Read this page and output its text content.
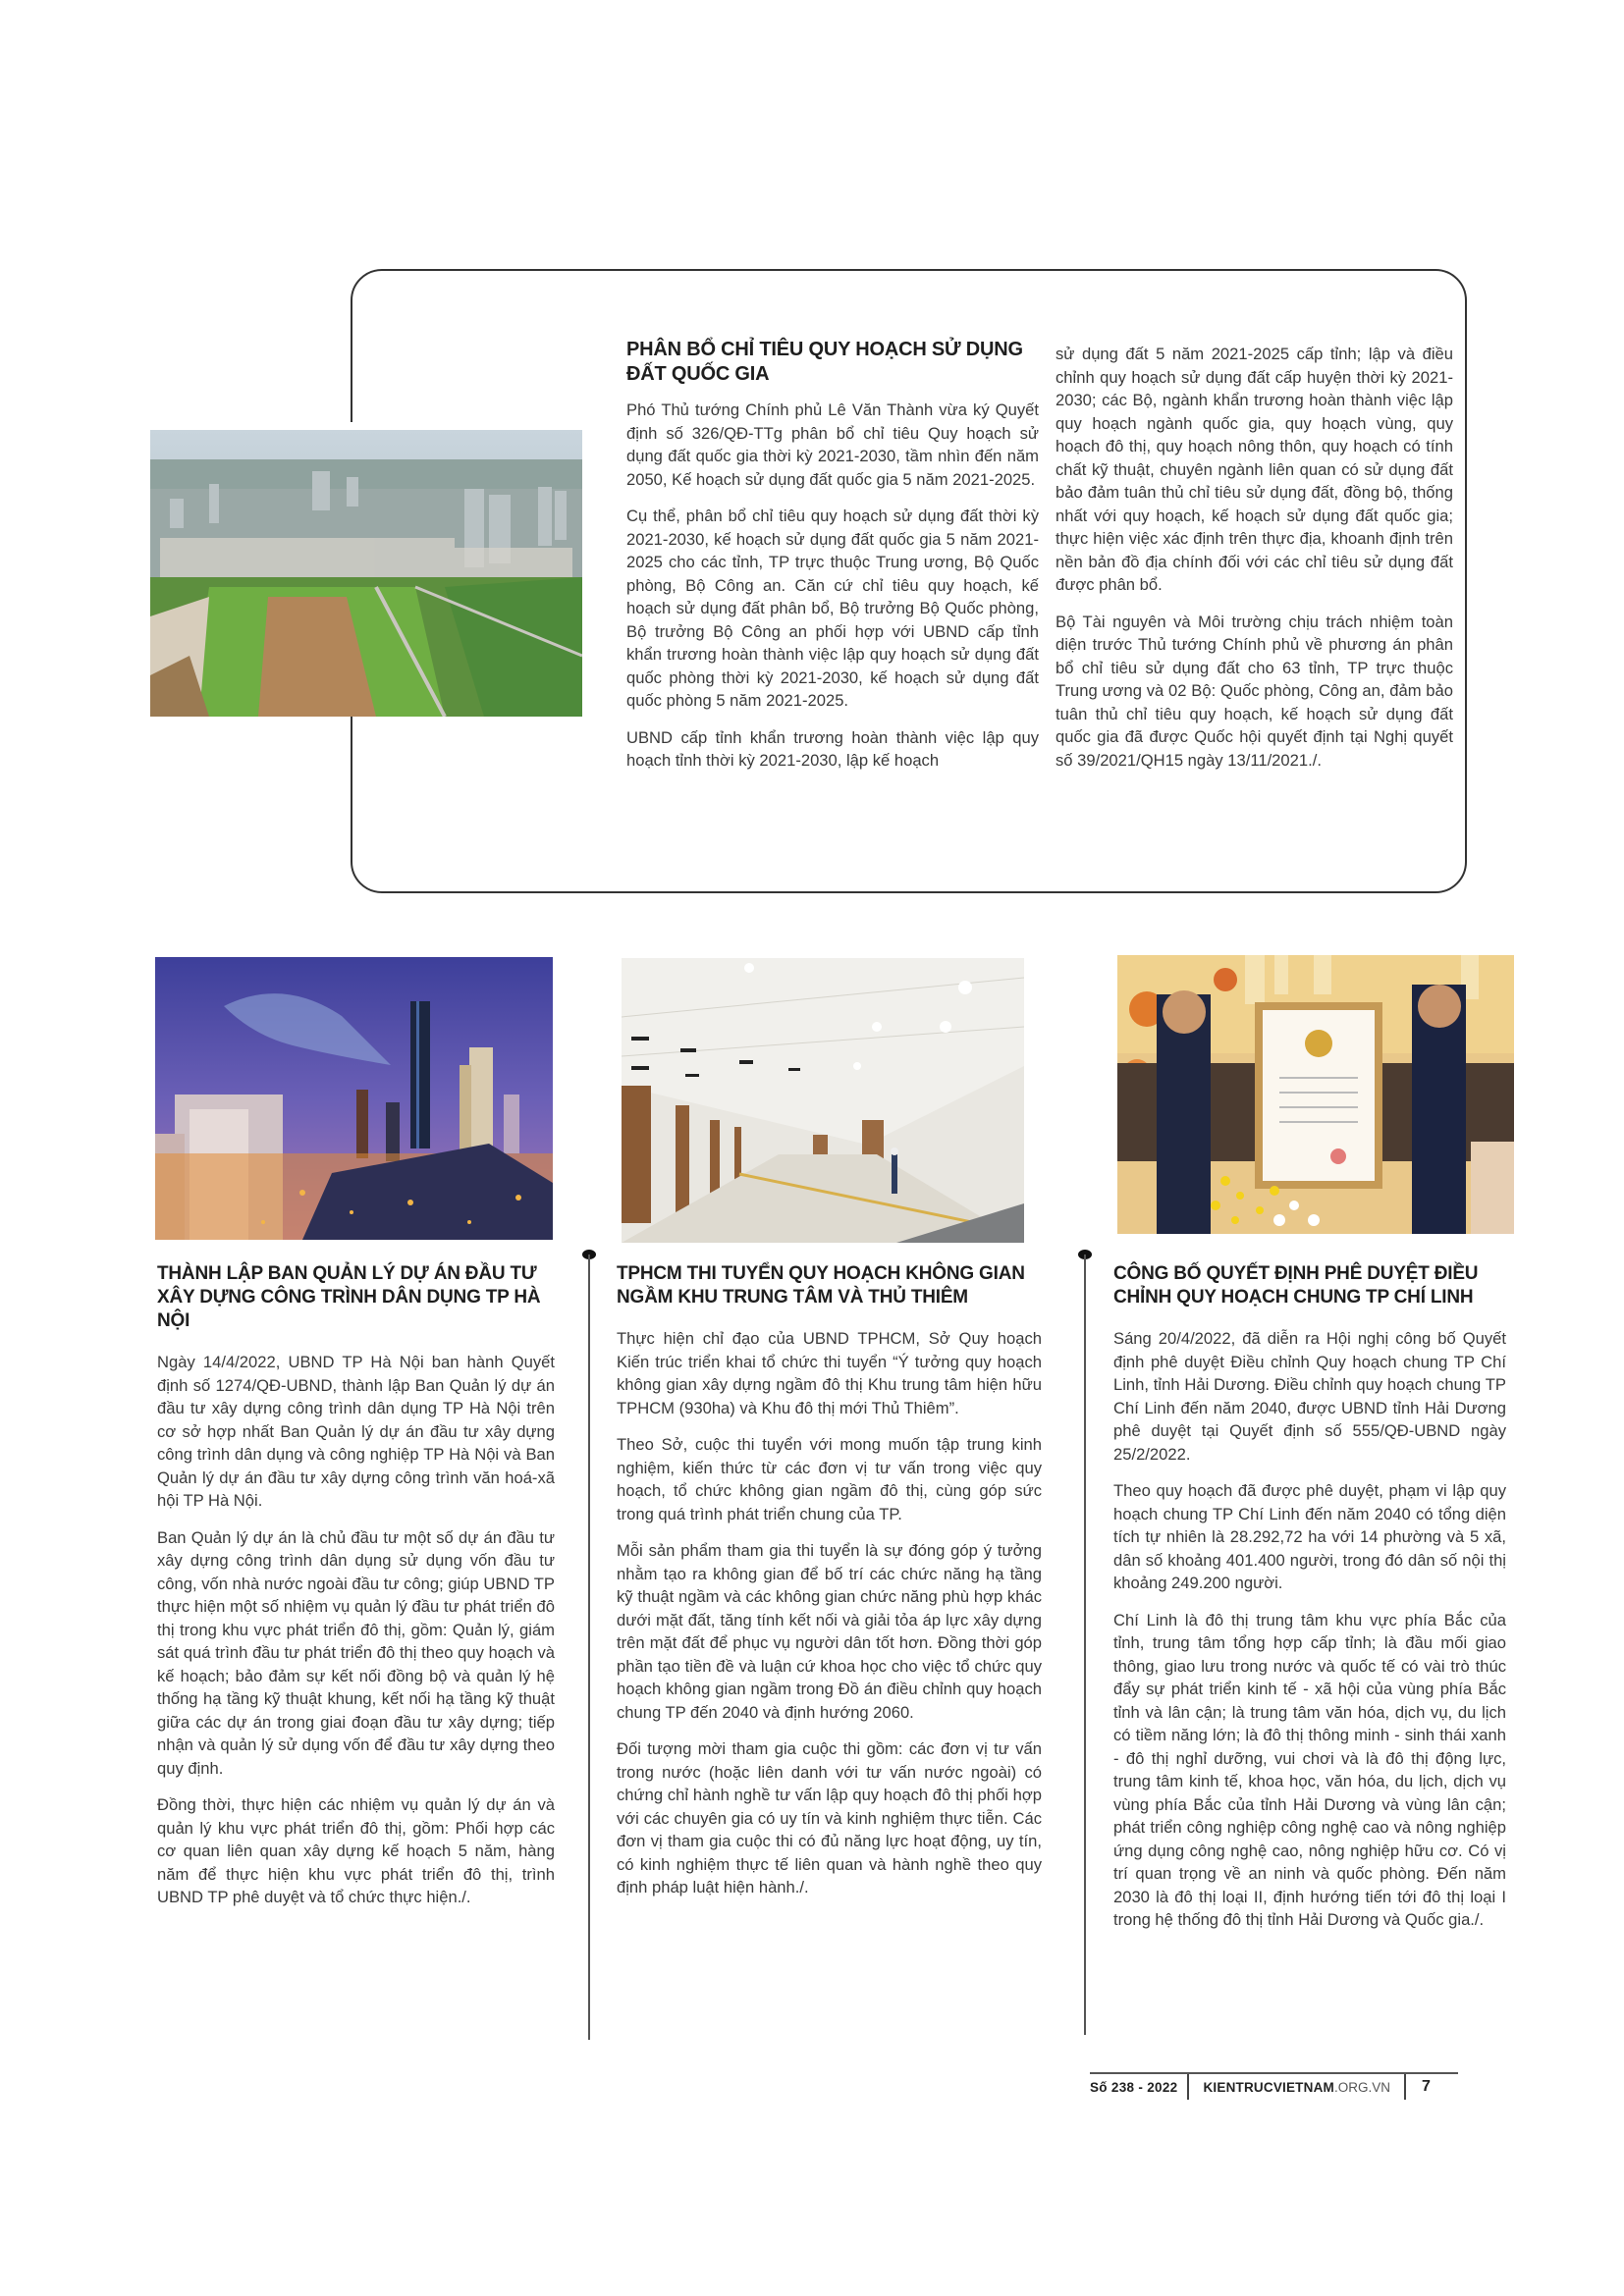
PHÂN BỔ CHỈ TIÊU QUY HOẠCH SỬ DỤNG ĐẤT QUỐC GIA

Phó Thủ tướng Chính phủ Lê Văn Thành vừa ký Quyết định số 326/QĐ-TTg phân bổ chỉ tiêu Quy hoạch sử dụng đất quốc gia thời kỳ 2021-2030, tầm nhìn đến năm 2050, Kế hoạch sử dụng đất quốc gia 5 năm 2021-2025.

Cụ thể, phân bổ chỉ tiêu quy hoạch sử dụng đất thời kỳ 2021-2030, kế hoạch sử dụng đất quốc gia 5 năm 2021-2025 cho các tỉnh, TP trực thuộc Trung ương, Bộ Quốc phòng, Bộ Công an. Căn cứ chỉ tiêu quy hoạch, kế hoạch sử dụng đất phân bổ, Bộ trưởng Bộ Quốc phòng, Bộ trưởng Bộ Công an phối hợp với UBND cấp tỉnh khẩn trương hoàn thành việc lập quy hoạch sử dụng đất quốc phòng thời kỳ 2021-2030, kế hoạch sử dụng đất quốc phòng 5 năm 2021-2025.

UBND cấp tỉnh khẩn trương hoàn thành việc lập quy hoạch tỉnh thời kỳ 2021-2030, lập kế hoạch

sử dụng đất 5 năm 2021-2025 cấp tỉnh; lập và điều chỉnh quy hoạch sử dụng đất cấp huyện thời kỳ 2021-2030; các Bộ, ngành khẩn trương hoàn thành việc lập quy hoạch ngành quốc gia, quy hoạch vùng, quy hoạch đô thị, quy hoạch nông thôn, quy hoạch có tính chất kỹ thuật, chuyên ngành liên quan có sử dụng đất bảo đảm tuân thủ chỉ tiêu sử dụng đất, đồng bộ, thống nhất với quy hoạch, kế hoạch sử dụng đất quốc gia; thực hiện việc xác định trên thực địa, khoanh định trên nền bản đồ địa chính đối với các chỉ tiêu sử dụng đất được phân bổ.

Bộ Tài nguyên và Môi trường chịu trách nhiệm toàn diện trước Thủ tướng Chính phủ về phương án phân bổ chỉ tiêu sử dụng đất cho 63 tỉnh, TP trực thuộc Trung ương và 02 Bộ: Quốc phòng, Công an, đảm bảo tuân thủ chỉ tiêu quy hoạch, kế hoạch sử dụng đất quốc gia đã được Quốc hội quyết định tại Nghị quyết số 39/2021/QH15 ngày 13/11/2021./.

THÀNH LẬP BAN QUẢN LÝ DỰ ÁN ĐẦU TƯ XÂY DỰNG CÔNG TRÌNH DÂN DỤNG TP HÀ NỘI

Ngày 14/4/2022, UBND TP Hà Nội ban hành Quyết định số 1274/QĐ-UBND, thành lập Ban Quản lý dự án đầu tư xây dựng công trình dân dụng TP Hà Nội trên cơ sở hợp nhất Ban Quản lý dự án đầu tư xây dựng công trình dân dụng và công nghiệp TP Hà Nội và Ban Quản lý dự án đầu tư xây dựng công trình văn hoá-xã hội TP Hà Nội.

Ban Quản lý dự án là chủ đầu tư một số dự án đầu tư xây dựng công trình dân dụng sử dụng vốn đầu tư công, vốn nhà nước ngoài đầu tư công; giúp UBND TP thực hiện một số nhiệm vụ quản lý đầu tư phát triển đô thị trong khu vực phát triển đô thị, gồm: Quản lý, giám sát quá trình đầu tư phát triển đô thị theo quy hoạch và kế hoạch; bảo đảm sự kết nối đồng bộ và quản lý hệ thống hạ tầng kỹ thuật khung, kết nối hạ tầng kỹ thuật giữa các dự án trong giai đoạn đầu tư xây dựng; tiếp nhận và quản lý sử dụng vốn để đầu tư xây dựng theo quy định.

Đồng thời, thực hiện các nhiệm vụ quản lý dự án và quản lý khu vực phát triển đô thị, gồm: Phối hợp các cơ quan liên quan xây dựng kế hoạch 5 năm, hàng năm để thực hiện khu vực phát triển đô thị, trình UBND TP phê duyệt và tổ chức thực hiện./.

TPHCM THI TUYỂN QUY HOẠCH KHÔNG GIAN NGẦM KHU TRUNG TÂM VÀ THỦ THIÊM

Thực hiện chỉ đạo của UBND TPHCM, Sở Quy hoạch Kiến trúc triển khai tổ chức thi tuyển “Ý tưởng quy hoạch không gian xây dựng ngầm đô thị Khu trung tâm hiện hữu TPHCM (930ha) và Khu đô thị mới Thủ Thiêm”.

Theo Sở, cuộc thi tuyển với mong muốn tập trung kinh nghiệm, kiến thức từ các đơn vị tư vấn trong việc quy hoạch, tổ chức không gian ngầm đô thị, cùng góp sức trong quá trình phát triển chung của TP.

Mỗi sản phẩm tham gia thi tuyển là sự đóng góp ý tưởng nhằm tạo ra không gian để bố trí các chức năng hạ tầng kỹ thuật ngầm và các không gian chức năng phù hợp khác dưới mặt đất, tăng tính kết nối và giải tỏa áp lực xây dựng trên mặt đất để phục vụ người dân tốt hơn. Đồng thời góp phần tạo tiền đề và luận cứ khoa học cho việc tổ chức quy hoạch không gian ngầm trong Đồ án điều chỉnh quy hoạch chung TP đến 2040 và định hướng 2060.

Đối tượng mời tham gia cuộc thi gồm: các đơn vị tư vấn trong nước (hoặc liên danh với tư vấn nước ngoài) có chứng chỉ hành nghề tư vấn lập quy hoạch đô thị phối hợp với các chuyên gia có uy tín và kinh nghiệm thực tiễn. Các đơn vị tham gia cuộc thi có đủ năng lực hoạt động, uy tín, có kinh nghiệm thực tế liên quan và hành nghề theo quy định pháp luật hiện hành./.

CÔNG BỐ QUYẾT ĐỊNH PHÊ DUYỆT ĐIỀU CHỈNH QUY HOẠCH CHUNG TP CHÍ LINH

Sáng 20/4/2022, đã diễn ra Hội nghị công bố Quyết định phê duyệt Điều chỉnh Quy hoạch chung TP Chí Linh, tỉnh Hải Dương. Điều chỉnh quy hoạch chung TP Chí Linh đến năm 2040, được UBND tỉnh Hải Dương phê duyệt tại Quyết định số 555/QĐ-UBND ngày 25/2/2022.

Theo quy hoạch đã được phê duyệt, phạm vi lập quy hoạch chung TP Chí Linh đến năm 2040 có tổng diện tích tự nhiên là 28.292,72 ha với 14 phường và 5 xã, dân số khoảng 401.400 người, trong đó dân số nội thị khoảng 249.200 người.

Chí Linh là đô thị trung tâm khu vực phía Bắc của tỉnh, trung tâm tổng hợp cấp tỉnh; là đầu mối giao thông, giao lưu trong nước và quốc tế có vài trò thúc đẩy sự phát triển kinh tế - xã hội của vùng phía Bắc tỉnh và lân cận; là trung tâm văn hóa, dịch vụ, du lịch có tiềm năng lớn; là đô thị thông minh - sinh thái xanh - đô thị nghỉ dưỡng, vui chơi và là đô thị động lực, trung tâm kinh tế, khoa học, văn hóa, du lịch, dịch vụ vùng phía Bắc của tỉnh Hải Dương và vùng lân cận; phát triển công nghiệp công nghệ cao và nông nghiệp ứng dụng công nghệ cao, nông nghiệp hữu cơ. Có vị trí quan trọng về an ninh và quốc phòng. Đến năm 2030 là đô thị loại II, định hướng tiến tới đô thị loại I trong hệ thống đô thị tỉnh Hải Dương và Quốc gia./.

Số 238 - 2022	KIENTRUCVIETNAM .ORG.VN	7
